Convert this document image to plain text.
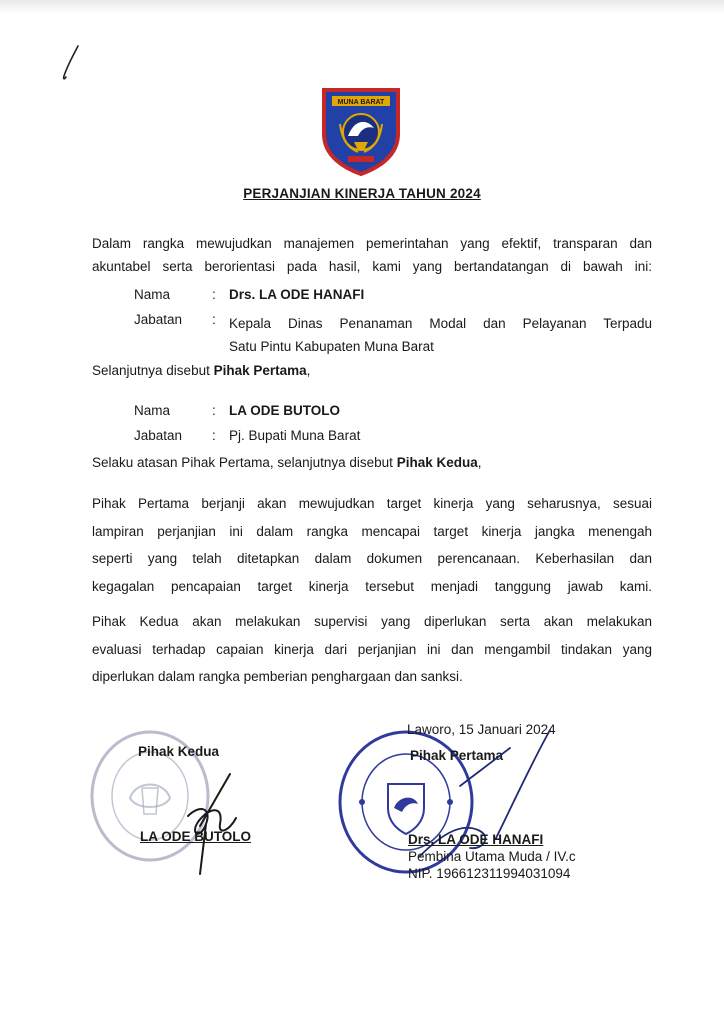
MUNA BARAT
PERJANJIAN KINERJA TAHUN 2024
Dalam rangka mewujudkan manajemen pemerintahan yang efektif, transparan dan
akuntabel serta berorientasi pada hasil, kami yang bertandatangan di bawah ini:
Nama	: Drs. LA ODE HANAFI
Jabatan : Kepala Dinas Penanaman Modal dan Pelayanan Terpadu
Satu Pintu Kabupaten Muna Barat
Selanjutnya disebut Pihak Pertama,
Nama	: LA ODE BUTOLO
Jabatan : Pj. Bupati Muna Barat
Selaku atasan Pihak Pertama, selanjutnya disebut Pihak Kedua,
Pihak Pertama berjanji akan mewujudkan target kinerja yang seharusnya, sesuai
lampiran perjanjian ini dalam rangka mencapai target kinerja jangka menengah
seperti yang telah ditetapkan dalam dokumen perencanaan. Keberhasilan dan
kegagalan pencapaian target kinerja tersebut menjadi tanggung jawab kami.
Pihak Kedua akan melakukan supervisi yang diperlukan serta akan melakukan
evaluasi terhadap capaian kinerja dari perjanjian ini dan mengambil tindakan yang
diperlukan dalam rangka pemberian penghargaan dan sanksi.
Pihak Kedua
LA ODE BUTOLO
Laworo, 15 Januari 2024
Pihak Pertama
Drs. LA ODE HANAFI
Pembina Utama Muda / IV.c
NIP. 196612311994031094
